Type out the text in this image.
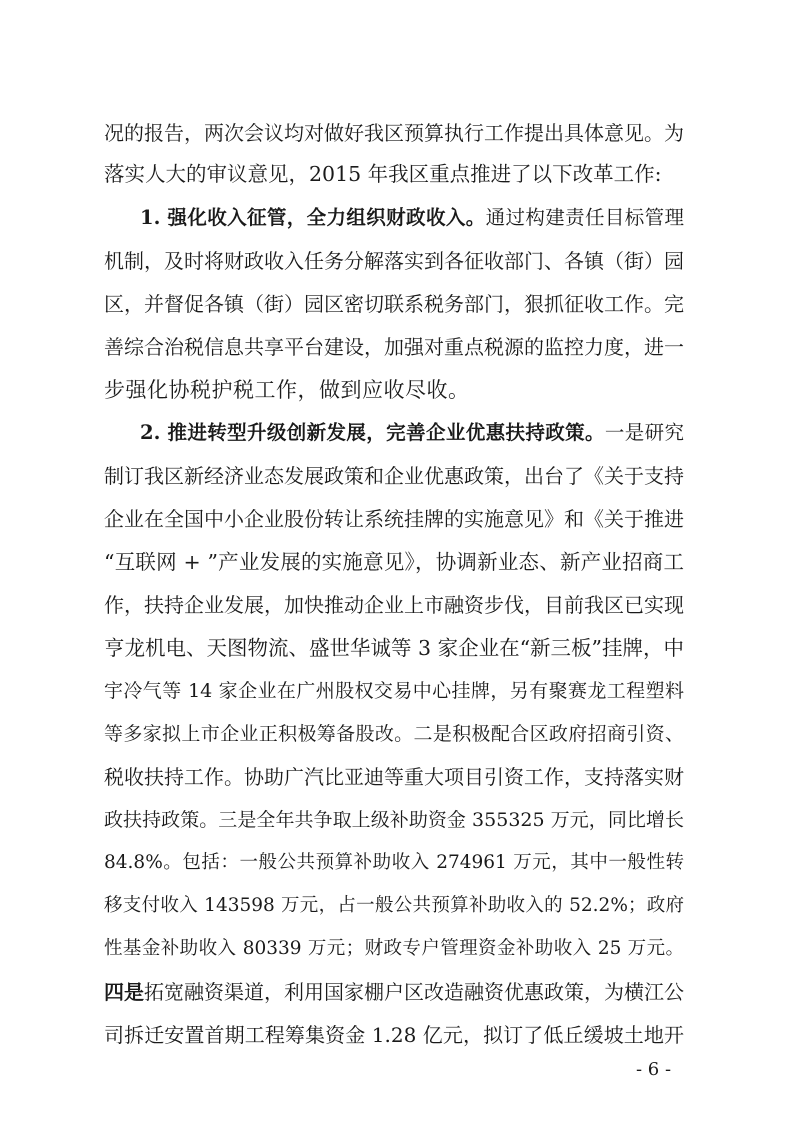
况的报告，两次会议均对做好我区预算执行工作提出具体意见。为
落实人大的审议意见，2015 年我区重点推进了以下改革工作:
1. 强化收入征管，全力组织财政收入。通过构建责任目标管理
机制，及时将财政收入任务分解落实到各征收部门、各镇（街）园
区，并督促各镇（街）园区密切联系税务部门，狠抓征收工作。完
善综合治税信息共享平台建设，加强对重点税源的监控力度，进一
步强化协税护税工作，做到应收尽收。
2. 推进转型升级创新发展，完善企业优惠扶持政策。一是研究
制订我区新经济业态发展政策和企业优惠政策，出台了《关于支持
企业在全国中小企业股份转让系统挂牌的实施意见》和《关于推进
“互联网 + ”产业发展的实施意见》，协调新业态、新产业招商工
作，扶持企业发展，加快推动企业上市融资步伐，目前我区已实现
亨龙机电、天图物流、盛世华诚等 3 家企业在“新三板”挂牌，中
宇冷气等 14 家企业在广州股权交易中心挂牌，另有聚赛龙工程塑料
等多家拟上市企业正积极筹备股改。二是积极配合区政府招商引资、
税收扶持工作。协助广汽比亚迪等重大项目引资工作，支持落实财
政扶持政策。三是全年共争取上级补助资金 355325 万元，同比增长
84.8%。包括：一般公共预算补助收入 274961 万元，其中一般性转
移支付收入 143598 万元，占一般公共预算补助收入的 52.2%；政府
性基金补助收入 80339 万元；财政专户管理资金补助收入 25 万元。
四是拓宽融资渠道，利用国家棚户区改造融资优惠政策，为横江公
司拆迁安置首期工程筹集资金 1.28 亿元，拟订了低丘缓坡土地开
- 6 -
